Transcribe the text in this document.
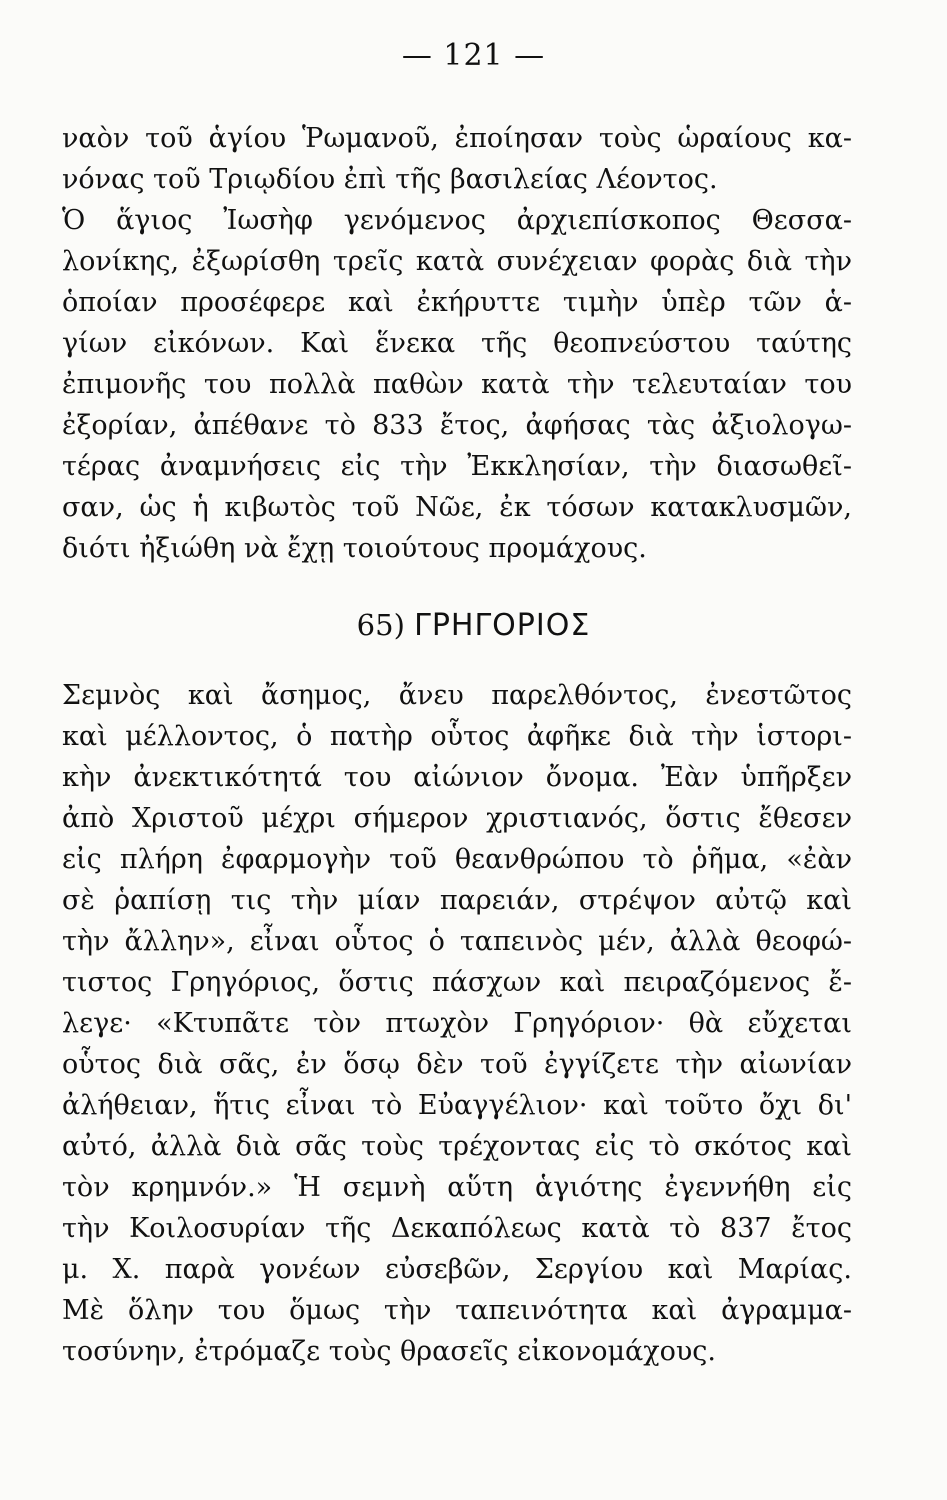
— 121 —
ναὸν τοῦ ἁγίου Ῥωμανοῦ, ἐποίησαν τοὺς ὡραίους κα-
νόνας τοῦ Τριῳδίου ἐπὶ τῆς βασιλείας Λέοντος.
Ὁ ἅγιος Ἰωσὴφ γενόμενος ἀρχιεπίσκοπος Θεσσα-
λονίκης, ἐξωρίσθη τρεῖς κατὰ συνέχειαν φορὰς διὰ τὴν
ὁποίαν προσέφερε καὶ ἐκήρυττε τιμὴν ὑπὲρ τῶν ἁ-
γίων εἰκόνων. Καὶ ἕνεκα τῆς θεοπνεύστου ταύτης
ἐπιμονῆς του πολλὰ παθὼν κατὰ τὴν τελευταίαν του
ἐξορίαν, ἀπέθανε τὸ 833 ἔτος, ἀφήσας τὰς ἀξιολογω-
τέρας ἀναμνήσεις εἰς τὴν Ἐκκλησίαν, τὴν διασωθεῖ-
σαν, ὡς ἡ κιβωτὸς τοῦ Νῶε, ἐκ τόσων κατακλυσμῶν,
διότι ἠξιώθη νὰ ἔχῃ τοιούτους προμάχους.
65) ΓΡΗΓΟΡΙΟΣ
Σεμνὸς καὶ ἄσημος, ἄνευ παρελθόντος, ἐνεστῶτος
καὶ μέλλοντος, ὁ πατὴρ οὗτος ἀφῆκε διὰ τὴν ἱστορι-
κὴν ἀνεκτικότητά του αἰώνιον ὄνομα. Ἐὰν ὑπῆρξεν
ἀπὸ Χριστοῦ μέχρι σήμερον χριστιανός, ὅστις ἔθεσεν
εἰς πλήρη ἐφαρμογὴν τοῦ θεανθρώπου τὸ ῥῆμα, «ἐὰν
σὲ ῥαπίσῃ τις τὴν μίαν παρειάν, στρέψον αὐτῷ καὶ
τὴν ἄλλην», εἶναι οὗτος ὁ ταπεινὸς μέν, ἀλλὰ θεοφώ-
τιστος Γρηγόριος, ὅστις πάσχων καὶ πειραζόμενος ἔ-
λεγε· «Κτυπᾶτε τὸν πτωχὸν Γρηγόριον· θὰ εὔχεται
οὗτος διὰ σᾶς, ἐν ὅσῳ δὲν τοῦ ἐγγίζετε τὴν αἰωνίαν
ἀλήθειαν, ἥτις εἶναι τὸ Εὐαγγέλιον· καὶ τοῦτο ὄχι δι'
αὐτό, ἀλλὰ διὰ σᾶς τοὺς τρέχοντας εἰς τὸ σκότος καὶ
τὸν κρημνόν.» Ἡ σεμνὴ αὕτη ἁγιότης ἐγεννήθη εἰς
τὴν Κοιλοσυρίαν τῆς Δεκαπόλεως κατὰ τὸ 837 ἔτος
μ. Χ. παρὰ γονέων εὐσεβῶν, Σεργίου καὶ Μαρίας.
Μὲ ὅλην του ὅμως τὴν ταπεινότητα καὶ ἀγραμμα-
τοσύνην, ἐτρόμαζε τοὺς θρασεῖς εἰκονομάχους.
